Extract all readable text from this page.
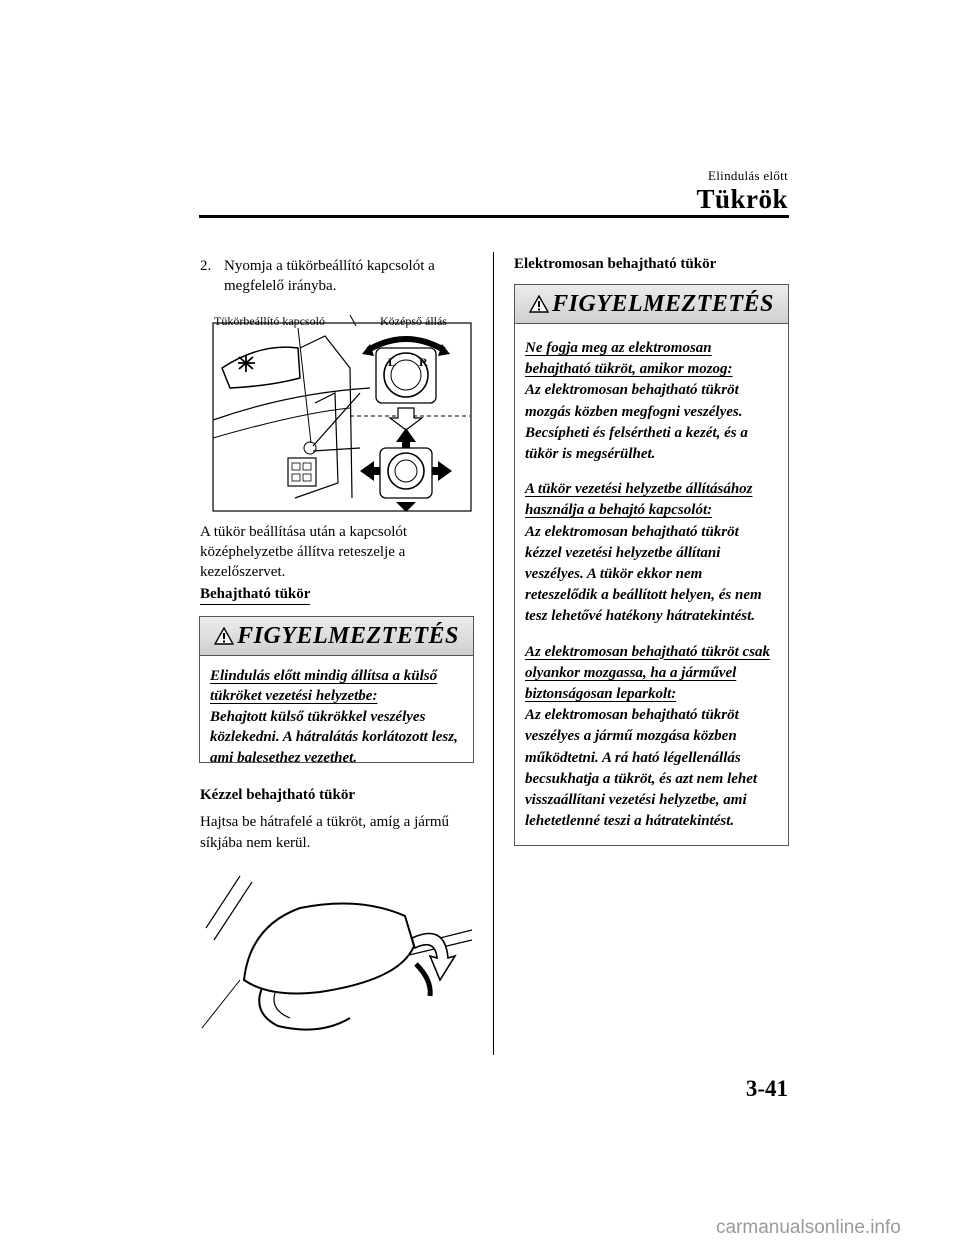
Elindulás előtt
Tükrök
2. Nyomja a tükörbeállító kapcsolót a megfelelő irányba.
L R
Tükörbeállító kapcsoló	Középső állás
A tükör beállítása után a kapcsolót középhelyzetbe állítva reteszelje a kezelőszervet.
Behajtható tükör
FIGYELMEZTETÉS
Elindulás előtt mindig állítsa a külső tükröket vezetési helyzetbe:
Behajtott külső tükrökkel veszélyes közlekedni. A hátralátás korlátozott lesz, ami balesethez vezethet.
Kézzel behajtható tükör
Hajtsa be hátrafelé a tükröt, amíg a jármű síkjába nem kerül.
Elektromosan behajtható tükör
FIGYELMEZTETÉS

Ne fogja meg az elektromosan behajtható tükröt, amikor mozog:
Az elektromosan behajtható tükröt mozgás közben megfogni veszélyes. Becsípheti és felsértheti a kezét, és a tükör is megsérülhet.

A tükör vezetési helyzetbe állításához használja a behajtó kapcsolót:
Az elektromosan behajtható tükröt kézzel vezetési helyzetbe állítani veszélyes. A tükör ekkor nem reteszelődik a beállított helyen, és nem tesz lehetővé hatékony hátratekintést.

Az elektromosan behajtható tükröt csak olyankor mozgassa, ha a járművel biztonságosan leparkolt:
Az elektromosan behajtható tükröt veszélyes a jármű mozgása közben működtetni. A rá ható légellenállás becsukhatja a tükröt, és azt nem lehet visszaállítani vezetési helyzetbe, ami lehetetlenné teszi a hátratekintést.

3-41
carmanualsonline.info
